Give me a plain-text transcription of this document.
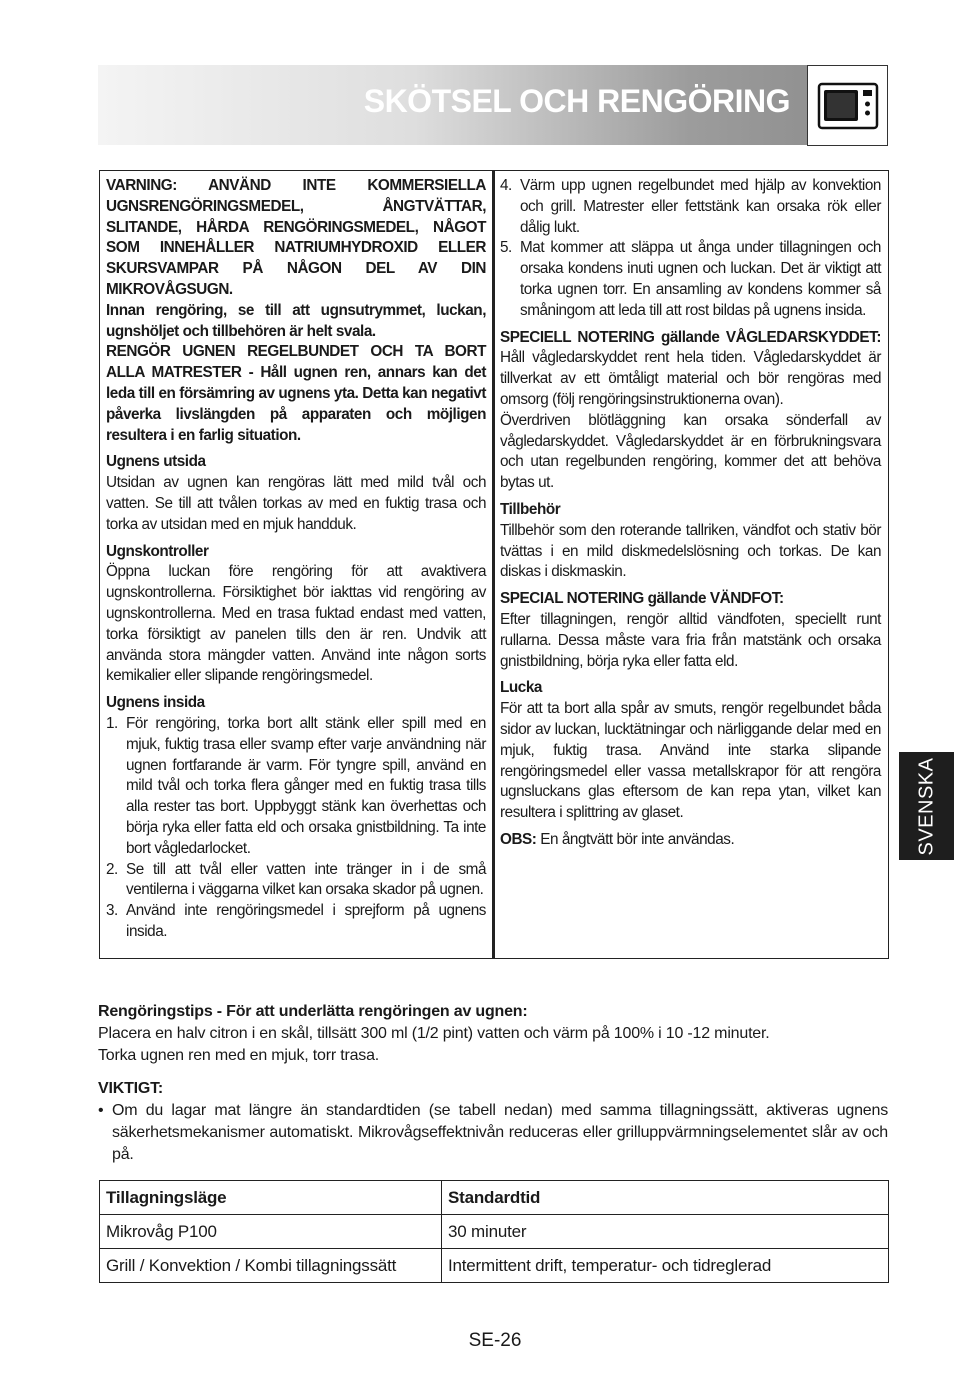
SKÖTSEL OCH RENGÖRING

VARNING: ANVÄND INTE KOMMERSIELLA UGNSRENGÖRINGSMEDEL, ÅNGTVÄTTAR, SLITANDE, HÅRDA RENGÖRINGSMEDEL, NÅGOT SOM INNEHÅLLER NATRIUMHYDROXID ELLER SKURSVAMPAR PÅ NÅGON DEL AV DIN MIKROVÅGSUGN.

Innan rengöring, se till att ugnsutrymmet, luckan, ugnshöljet och tillbehören är helt svala.

RENGÖR UGNEN REGELBUNDET OCH TA BORT ALLA MATRESTER - Håll ugnen ren, annars kan det leda till en försämring av ugnens yta. Detta kan negativt påverka livslängden på apparaten och möjligen resultera i en farlig situation.

Ugnens utsida

Utsidan av ugnen kan rengöras lätt med mild tvål och vatten. Se till att tvålen torkas av med en fuktig trasa och torka av utsidan med en mjuk handduk.

Ugnskontroller

Öppna luckan före rengöring för att avaktivera ugnskontrollerna. Försiktighet bör iakttas vid rengöring av ugnskontrollerna. Med en trasa fuktad endast med vatten, torka försiktigt av panelen tills den är ren. Undvik att använda stora mängder vatten. Använd inte någon sorts kemikalier eller slipande rengöringsmedel.

Ugnens insida

1. För rengöring, torka bort allt stänk eller spill med en mjuk, fuktig trasa eller svamp efter varje användning när ugnen fortfarande är varm. För tyngre spill, använd en mild tvål och torka flera gånger med en fuktig trasa tills alla rester tas bort. Uppbyggt stänk kan överhettas och börja ryka eller fatta eld och orsaka gnistbildning. Ta inte bort vågledarlocket.
2. Se till att tvål eller vatten inte tränger in i de små ventilerna i väggarna vilket kan orsaka skador på ugnen.
3. Använd inte rengöringsmedel i sprejform på ugnens insida.
4. Värm upp ugnen regelbundet med hjälp av konvektion och grill. Matrester eller fettstänk kan orsaka rök eller dålig lukt.
5. Mat kommer att släppa ut ånga under tillagningen och orsaka kondens inuti ugnen och luckan. Det är viktigt att torka ugnen torr. En ansamling av kondens kommer så småningom att leda till att rost bildas på ugnens insida.

SPECIELL NOTERING gällande VÅGLEDARSKYDDET: Håll vågledarskyddet rent hela tiden. Vågledarskyddet är tillverkat av ett ömtåligt material och bör rengöras med omsorg (följ rengöringsinstruktionerna ovan).

Överdriven blötläggning kan orsaka sönderfall av vågledarskyddet. Vågledarskyddet är en förbrukningsvara och utan regelbunden rengöring, kommer det att behöva bytas ut.

Tillbehör

Tillbehör som den roterande tallriken, vändfot och stativ bör tvättas i en mild diskmedelslösning och torkas. De kan diskas i diskmaskin.

SPECIAL NOTERING gällande VÄNDFOT:

Efter tillagningen, rengör alltid vändfoten, speciellt runt rullarna. Dessa måste vara fria från matstänk och orsaka gnistbildning, börja ryka eller fatta eld.

Lucka

För att ta bort alla spår av smuts, rengör regelbundet båda sidor av luckan, lucktätningar och närliggande delar med en mjuk, fuktig trasa. Använd inte starka slipande rengöringsmedel eller vassa metallskrapor för att rengöra ugnsluckans glas eftersom de kan repa ytan, vilket kan resultera i splittring av glaset.

OBS: En ångtvätt bör inte användas.	SVENSKA

Rengöringstips - För att underlätta rengöringen av ugnen:

Placera en halv citron i en skål, tillsätt 300 ml (1/2 pint) vatten och värm på 100% i 10 -12 minuter.

Torka ugnen ren med en mjuk, torr trasa.

VIKTIGT:

• Om du lagar mat längre än standardtiden (se tabell nedan) med samma tillagningssätt, aktiveras ugnens säkerhetsmekanismer automatiskt. Mikrovågseffektnivån reduceras eller grilluppvärmningselementet slår av och på.

Tillagningsläge	Standardtid
Mikrovåg P100	30 minuter
Grill / Konvektion / Kombi tillagningssätt	Intermittent drift, temperatur- och tidreglerad
SE-26
